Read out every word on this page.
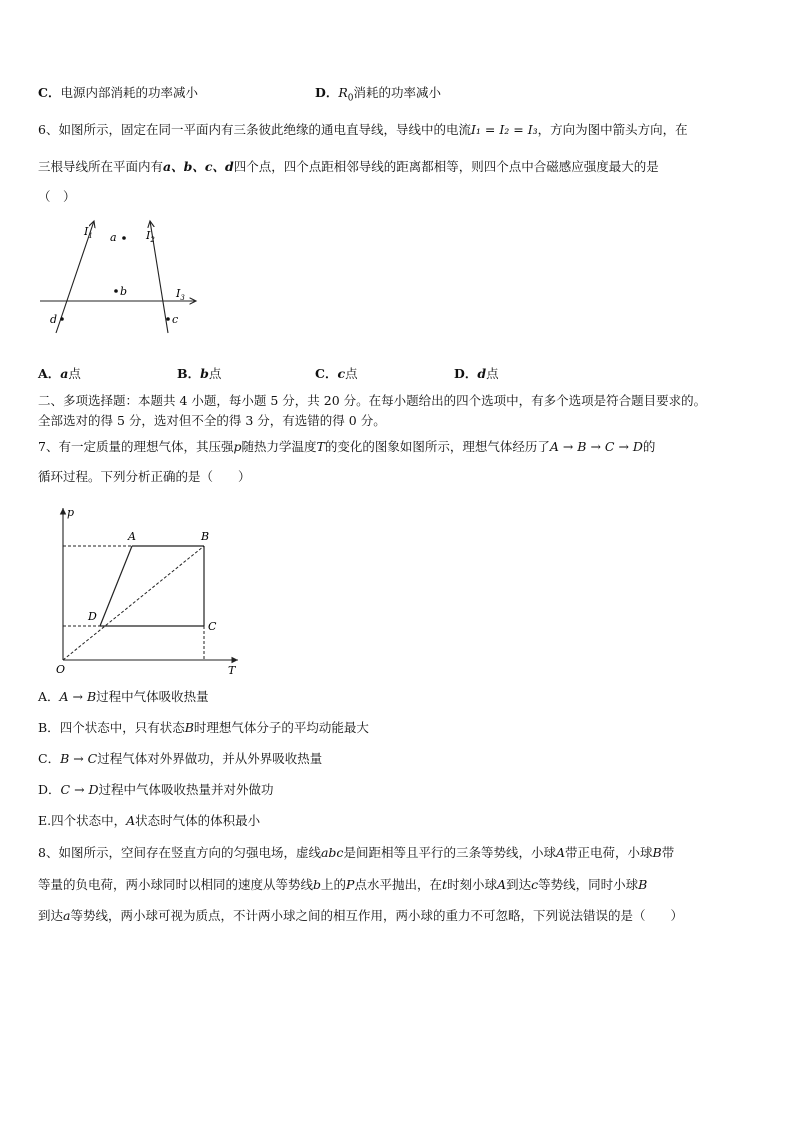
C．电源内部消耗的功率减小	D．$R_0$消耗的功率减小
6、如图所示，固定在同一平面内有三条彼此绝缘的通电直导线，导线中的电流I₁ = I₂ = I₃，方向为图中箭头方向，在
三根导线所在平面内有a、b、c、d四个点，四个点距相邻导线的距离都相等，则四个点中合磁感应强度最大的是
（　）
$I_1$	$I_2$
$I_3$
a
b
d	c
A．a点	B．b点	C．c点	D．d点
二、多项选择题：本题共 4 小题，每小题 5 分，共 20 分。在每小题给出的四个选项中，有多个选项是符合题目要求的。
全部选对的得 5 分，选对但不全的得 3 分，有选错的得 0 分。
7、有一定质量的理想气体，其压强p随热力学温度T的变化的图象如图所示，理想气体经历了A → B → C → D的
循环过程。下列分析正确的是（　　）
p
T
O
A	B
C
D
A．A → B过程中气体吸收热量
B．四个状态中，只有状态B时理想气体分子的平均动能最大
C．B → C过程气体对外界做功，并从外界吸收热量
D．C → D过程中气体吸收热量并对外做功
E.四个状态中，A状态时气体的体积最小
8、如图所示，空间存在竖直方向的匀强电场，虚线abc是间距相等且平行的三条等势线，小球A带正电荷，小球B带
等量的负电荷，两小球同时以相同的速度从等势线b上的P点水平抛出，在t时刻小球A到达c等势线，同时小球B
到达a等势线，两小球可视为质点，不计两小球之间的相互作用，两小球的重力不可忽略，下列说法错误的是（　　）
